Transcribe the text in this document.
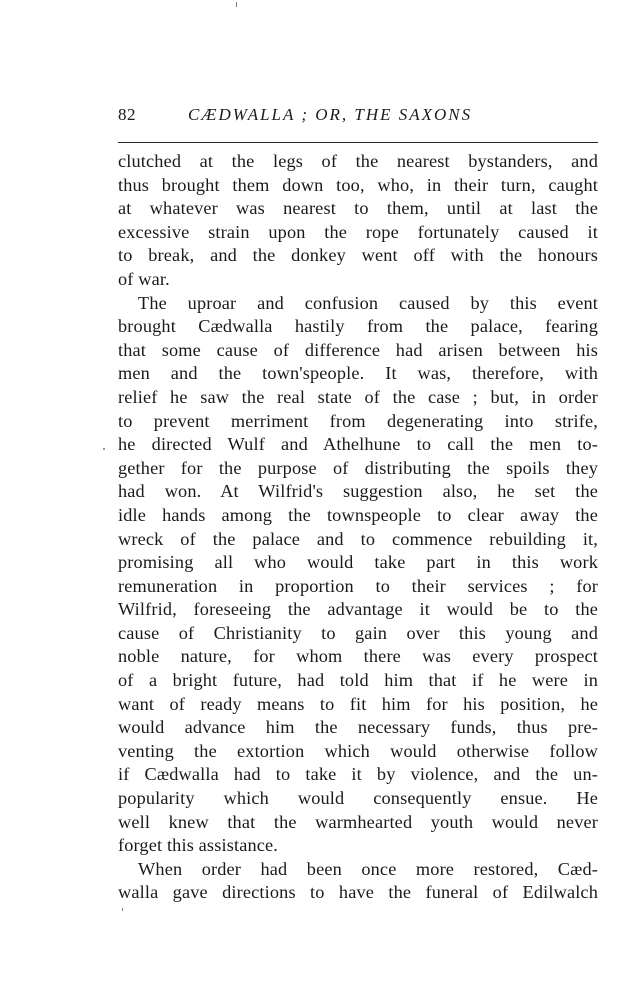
82	CÆDWALLA ; OR, THE SAXONS
clutched at the legs of the nearest bystanders, and
thus brought them down too, who, in their turn, caught
at whatever was nearest to them, until at last the
excessive strain upon the rope fortunately caused it
to break, and the donkey went off with the honours
of war.
The uproar and confusion caused by this event
brought Cædwalla hastily from the palace, fearing
that some cause of difference had arisen between his
men and the town'speople. It was, therefore, with
relief he saw the real state of the case ; but, in order
to prevent merriment from degenerating into strife,
he directed Wulf and Athelhune to call the men to-
gether for the purpose of distributing the spoils they
had won. At Wilfrid's suggestion also, he set the
idle hands among the townspeople to clear away the
wreck of the palace and to commence rebuilding it,
promising all who would take part in this work
remuneration in proportion to their services ; for
Wilfrid, foreseeing the advantage it would be to the
cause of Christianity to gain over this young and
noble nature, for whom there was every prospect
of a bright future, had told him that if he were in
want of ready means to fit him for his position, he
would advance him the necessary funds, thus pre-
venting the extortion which would otherwise follow
if Cædwalla had to take it by violence, and the un-
popularity which would consequently ensue. He
well knew that the warmhearted youth would never
forget this assistance.
When order had been once more restored, Cæd-
walla gave directions to have the funeral of Edilwalch
